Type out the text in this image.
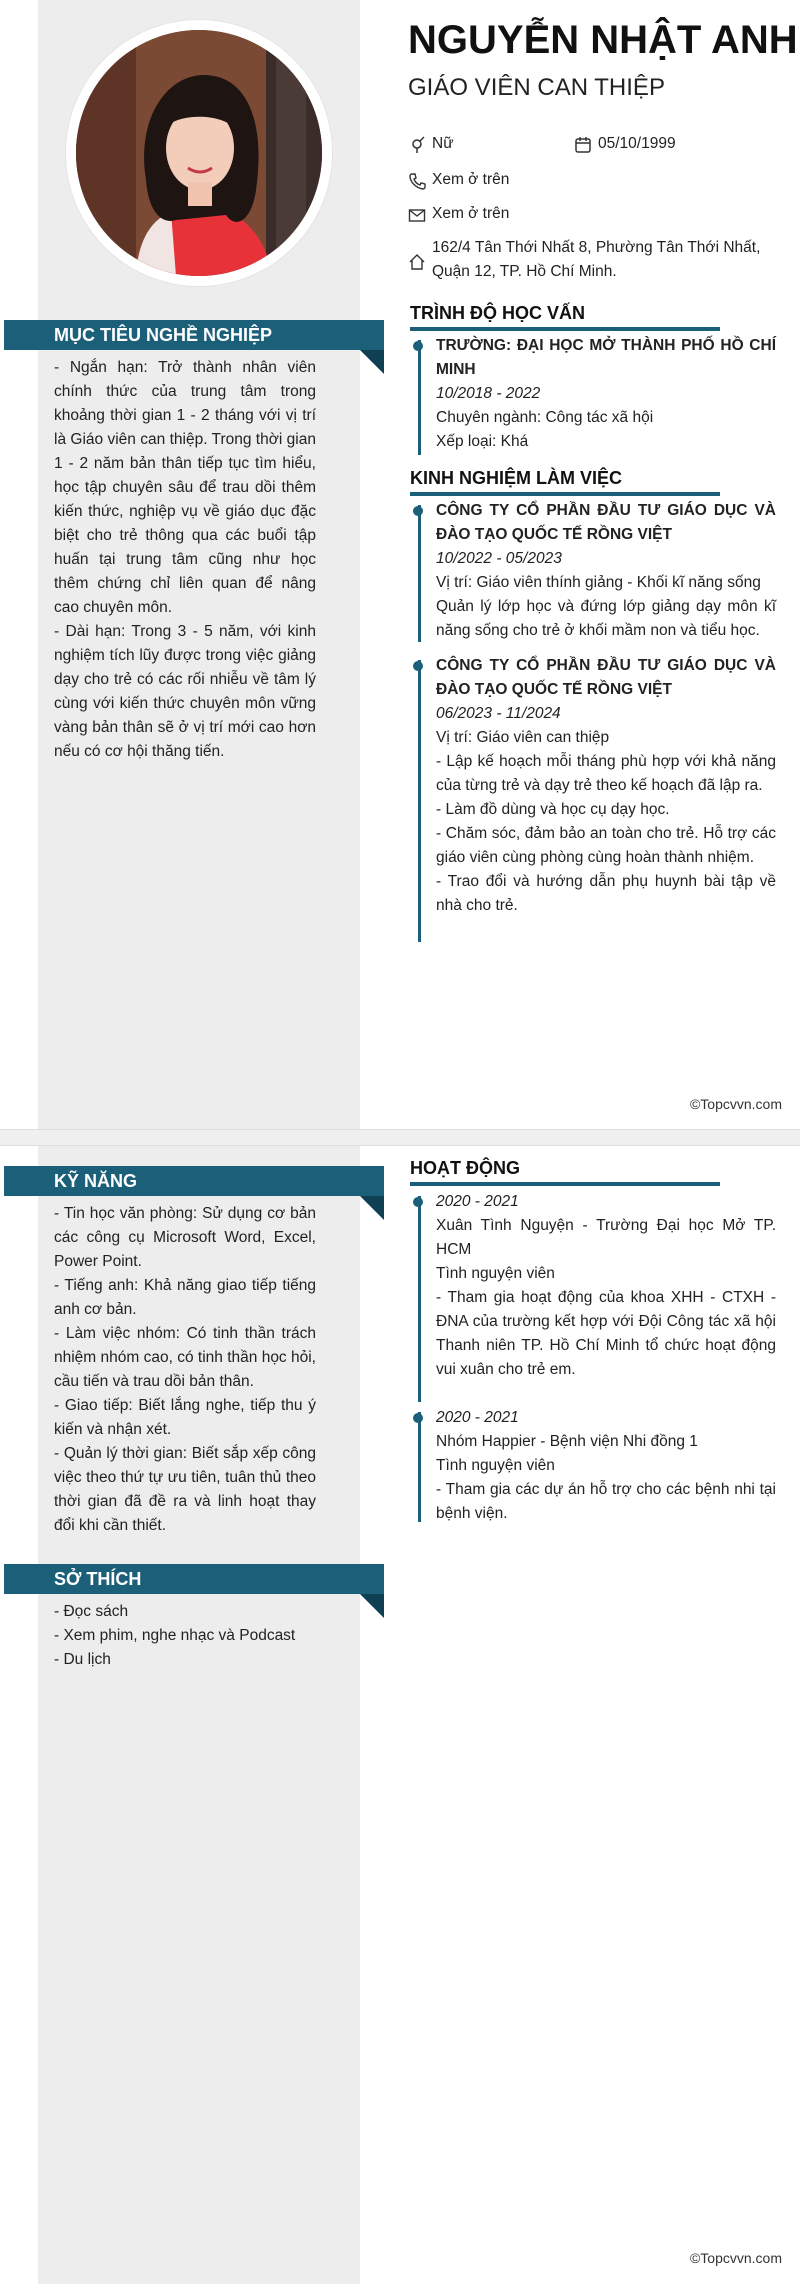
NGUYỄN NHẬT ANH
GIÁO VIÊN CAN THIỆP
Nữ	05/10/1999
Xem ở trên
Xem ở trên
162/4 Tân Thới Nhất 8, Phường Tân Thới Nhất,
Quận 12, TP. Hồ Chí Minh.
MỤC TIÊU NGHỀ NGHIỆP

- Ngắn hạn: Trở thành nhân viên chính thức của trung tâm trong khoảng thời gian 1 - 2 tháng với vị trí là Giáo viên can thiệp. Trong thời gian 1 - 2 năm bản thân tiếp tục tìm hiểu, học tập chuyên sâu để trau dồi thêm kiến thức, nghiệp vụ về giáo dục đặc biệt cho trẻ thông qua các buổi tập huấn tại trung tâm cũng như học thêm chứng chỉ liên quan để nâng cao chuyên môn.

- Dài hạn: Trong 3 - 5 năm, với kinh nghiệm tích lũy được trong việc giảng dạy cho trẻ có các rối nhiễu về tâm lý cùng với kiến thức chuyên môn vững vàng bản thân sẽ ở vị trí mới cao hơn nếu có cơ hội thăng tiến.

TRÌNH ĐỘ HỌC VẤN

TRƯỜNG: ĐẠI HỌC MỞ THÀNH PHỐ HỒ CHÍ MINH

10/2018 - 2022

Chuyên ngành: Công tác xã hội

Xếp loại: Khá

KINH NGHIỆM LÀM VIỆC

CÔNG TY CỔ PHẦN ĐẦU TƯ GIÁO DỤC VÀ ĐÀO TẠO QUỐC TẾ RỒNG VIỆT

10/2022 - 05/2023

Vị trí: Giáo viên thính giảng - Khối kĩ năng sống

Quản lý lớp học và đứng lớp giảng dạy môn kĩ năng sống cho trẻ ở khối mầm non và tiểu học.

CÔNG TY CỔ PHẦN ĐẦU TƯ GIÁO DỤC VÀ ĐÀO TẠO QUỐC TẾ RỒNG VIỆT

06/2023 - 11/2024

Vị trí: Giáo viên can thiệp

- Lập kế hoạch mỗi tháng phù hợp với khả năng của từng trẻ và dạy trẻ theo kế hoạch đã lập ra.

- Làm đồ dùng và học cụ dạy học.

- Chăm sóc, đảm bảo an toàn cho trẻ. Hỗ trợ các giáo viên cùng phòng cùng hoàn thành nhiệm.

- Trao đổi và hướng dẫn phụ huynh bài tập về nhà cho trẻ.

©Topcvvn.com
KỸ NĂNG

- Tin học văn phòng: Sử dụng cơ bản các công cụ Microsoft Word, Excel, Power Point.

- Tiếng anh: Khả năng giao tiếp tiếng anh cơ bản.

- Làm việc nhóm: Có tinh thần trách nhiệm nhóm cao, có tinh thần học hỏi, cầu tiến và trau dồi bản thân.

- Giao tiếp: Biết lắng nghe, tiếp thu ý kiến và nhận xét.

- Quản lý thời gian: Biết sắp xếp công việc theo thứ tự ưu tiên, tuân thủ theo thời gian đã đề ra và linh hoạt thay đổi khi cần thiết.

SỞ THÍCH

- Đọc sách

- Xem phim, nghe nhạc và Podcast

- Du lịch

HOẠT ĐỘNG

2020 - 2021

Xuân Tình Nguyện - Trường Đại học Mở TP. HCM

Tình nguyện viên

- Tham gia hoạt động của khoa XHH - CTXH - ĐNA của trường kết hợp với Đội Công tác xã hội Thanh niên TP. Hồ Chí Minh tổ chức hoạt động vui xuân cho trẻ em.

2020 - 2021

Nhóm Happier - Bệnh viện Nhi đồng 1

Tình nguyện viên

- Tham gia các dự án hỗ trợ cho các bệnh nhi tại bệnh viện.

©Topcvvn.com
